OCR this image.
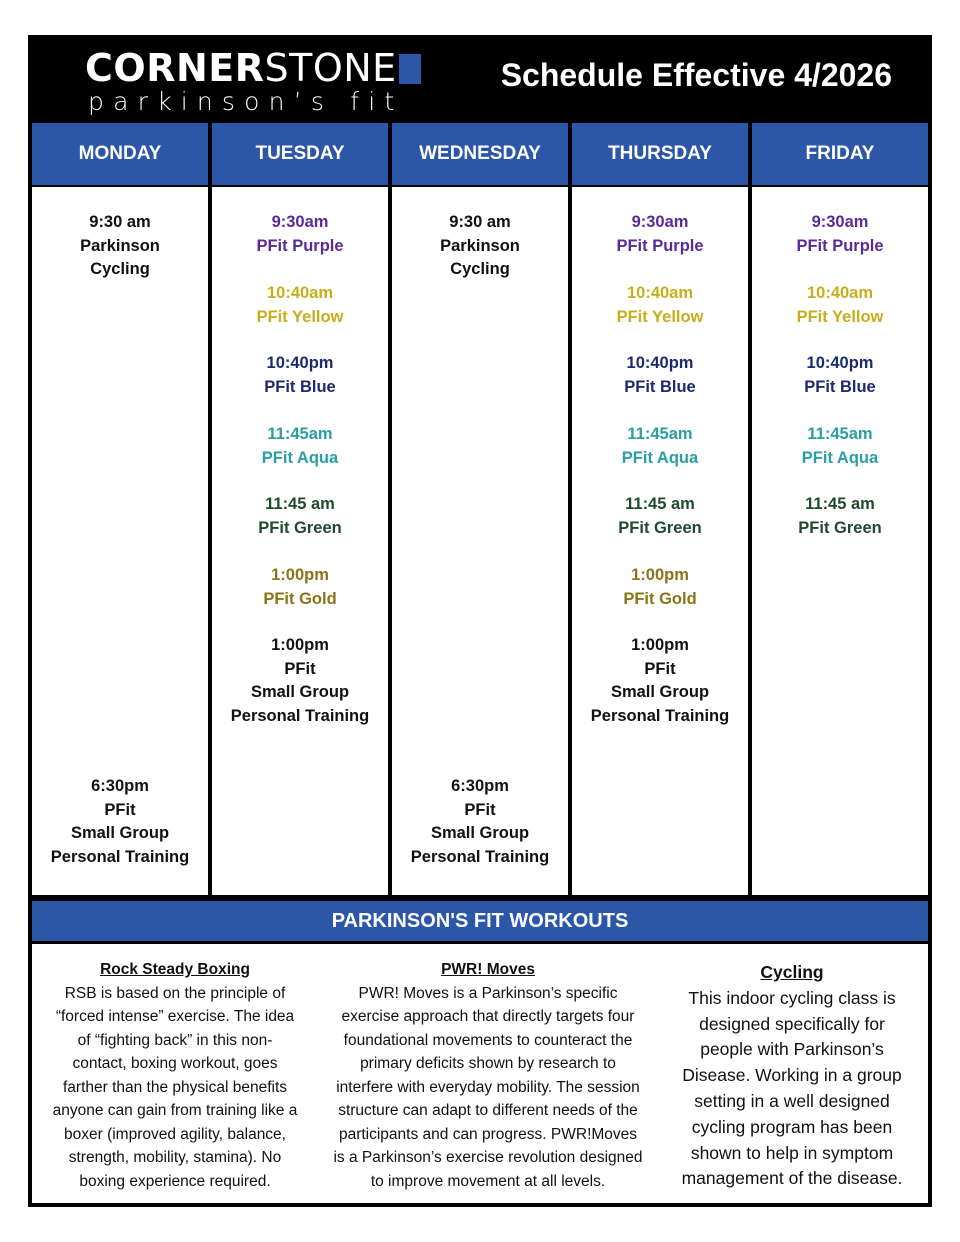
CORNER STONE
parkinson’s fit
Schedule Effective 4/2026
MONDAY
9:30 am
Parkinson
Cycling
6:30pm
PFit
Small Group
Personal Training
TUESDAY
9:30am
PFit Purple
10:40am
PFit Yellow
10:40pm
PFit Blue
11:45am
PFit Aqua
11:45 am
PFit Green
1:00pm
PFit Gold
1:00pm
PFit
Small Group
Personal Training
WEDNESDAY
9:30 am
Parkinson
Cycling
6:30pm
PFit
Small Group
Personal Training
THURSDAY
9:30am
PFit Purple
10:40am
PFit Yellow
10:40pm
PFit Blue
11:45am
PFit Aqua
11:45 am
PFit Green
1:00pm
PFit Gold
1:00pm
PFit
Small Group
Personal Training
FRIDAY
9:30am
PFit Purple
10:40am
PFit Yellow
10:40pm
PFit Blue
11:45am
PFit Aqua
11:45 am
PFit Green
PARKINSON'S FIT WORKOUTS
Rock Steady Boxing
RSB is based on the principle of
“forced intense” exercise. The idea
of “fighting back” in this non-
contact, boxing workout, goes
farther than the physical benefits
anyone can gain from training like a
boxer (improved agility, balance,
strength, mobility, stamina). No
boxing experience required.
PWR! Moves
PWR! Moves is a Parkinson’s specific
exercise approach that directly targets four
foundational movements to counteract the
primary deficits shown by research to
interfere with everyday mobility. The session
structure can adapt to different needs of the
participants and can progress. PWR!Moves
is a Parkinson’s exercise revolution designed
to improve movement at all levels.
Cycling
This indoor cycling class is
designed specifically for
people with Parkinson’s
Disease. Working in a group
setting in a well designed
cycling program has been
shown to help in symptom
management of the disease.
